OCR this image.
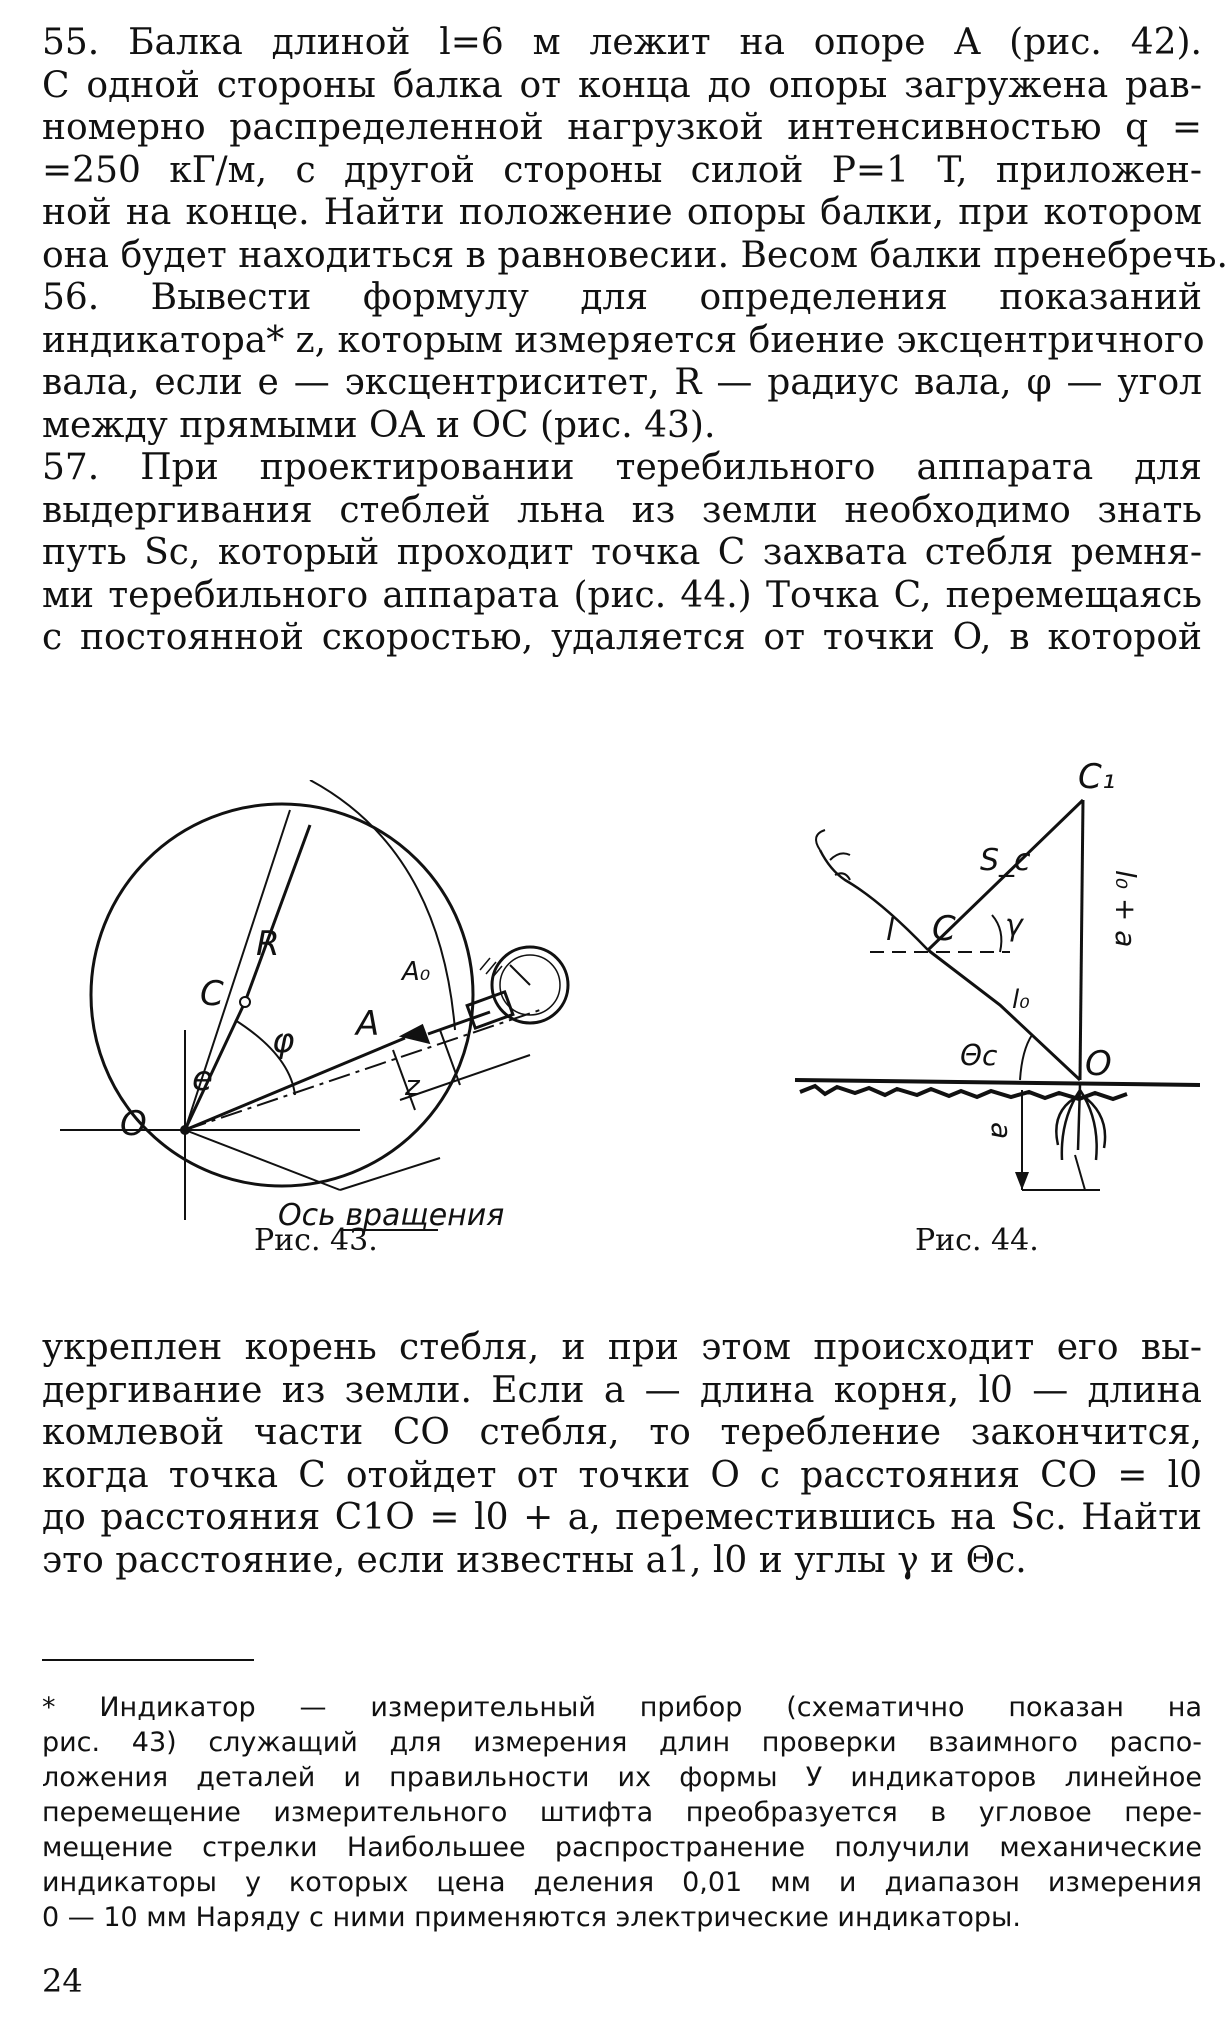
55. Балка длиной l=6 м лежит на опоре A (рис. 42).
С одной стороны балка от конца до опоры загружена рав-
номерно распределенной нагрузкой интенсивностью q =
=250 кГ/м, с другой стороны силой P=1 T, приложен-
ной на конце. Найти положение опоры балки, при котором
она будет находиться в равновесии. Весом балки пренебречь.

56. Вывести формулу для определения показаний
индикатора* z, которым измеряется биение эксцентричного
вала, если e — эксцентриситет, R — радиус вала, φ — угол
между прямыми OA и OC (рис. 43).

57. При проектировании теребильного аппарата для
выдергивания стеблей льна из земли необходимо знать
путь Sc, который проходит точка C захвата стебля ремня-
ми теребильного аппарата (рис. 44.) Точка C, перемещаясь
с постоянной скоростью, удаляется от точки O, в которой

R
C
e
O
φ A
A₀
z
Ось вращения
Рис. 43.
C₁
S_c
C γ
l
l₀
l₀ + a
Θc	O
a
Рис. 44.

укреплен корень стебля, и при этом происходит его вы-
дергивание из земли. Если a — длина корня, l0 — длина
комлевой части CO стебля, то теребление закончится,
когда точка C отойдет от точки O с расстояния CO = l0
до расстояния C1O = l0 + a, переместившись на Sc. Найти
это расстояние, если известны a1, l0 и углы γ и Θc.

* Индикатор — измерительный прибор (схематично показан на
рис. 43) служащий для измерения длин проверки взаимного распо-
ложения деталей и правильности их формы У индикаторов линейное
перемещение измерительного штифта преобразуется в угловое пере-
мещение стрелки Наибольшее распространение получили механические
индикаторы у которых цена деления 0,01 мм и диапазон измерения
0 — 10 мм Наряду с ними применяются электрические индикаторы.

24
